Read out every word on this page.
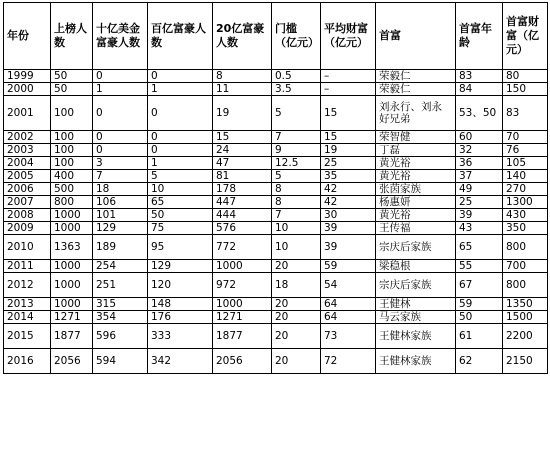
年份	上榜人数	十亿美金富豪人数	百亿富豪人数	20亿富豪人数	门槛（亿元）	平均财富（亿元）	首富	首富年龄	首富财富（亿元）
1999	50	0	0	8	0.5	–	荣毅仁	83	80
2000	50	1	1	11	3.5	–	荣毅仁	84	150
2001	100	0	0	19	5	15	刘永行、刘永好兄弟	53、50	83
2002	100	0	0	15	7	15	荣智健	60	70
2003	100	0	0	24	9	19	丁磊	32	76
2004	100	3	1	47	12.5	25	黄光裕	36	105
2005	400	7	5	81	5	35	黄光裕	37	140
2006	500	18	10	178	8	42	张茵家族	49	270
2007	800	106	65	447	8	42	杨惠妍	25	1300
2008	1000	101	50	444	7	30	黄光裕	39	430
2009	1000	129	75	576	10	39	王传福	43	350
2010	1363	189	95	772	10	39	宗庆后家族	65	800
2011	1000	254	129	1000	20	59	梁稳根	55	700
2012	1000	251	120	972	18	54	宗庆后家族	67	800
2013	1000	315	148	1000	20	64	王健林	59	1350
2014	1271	354	176	1271	20	64	马云家族	50	1500
2015	1877	596	333	1877	20	73	王健林家族	61	2200
2016	2056	594	342	2056	20	72	王健林家族	62	2150
